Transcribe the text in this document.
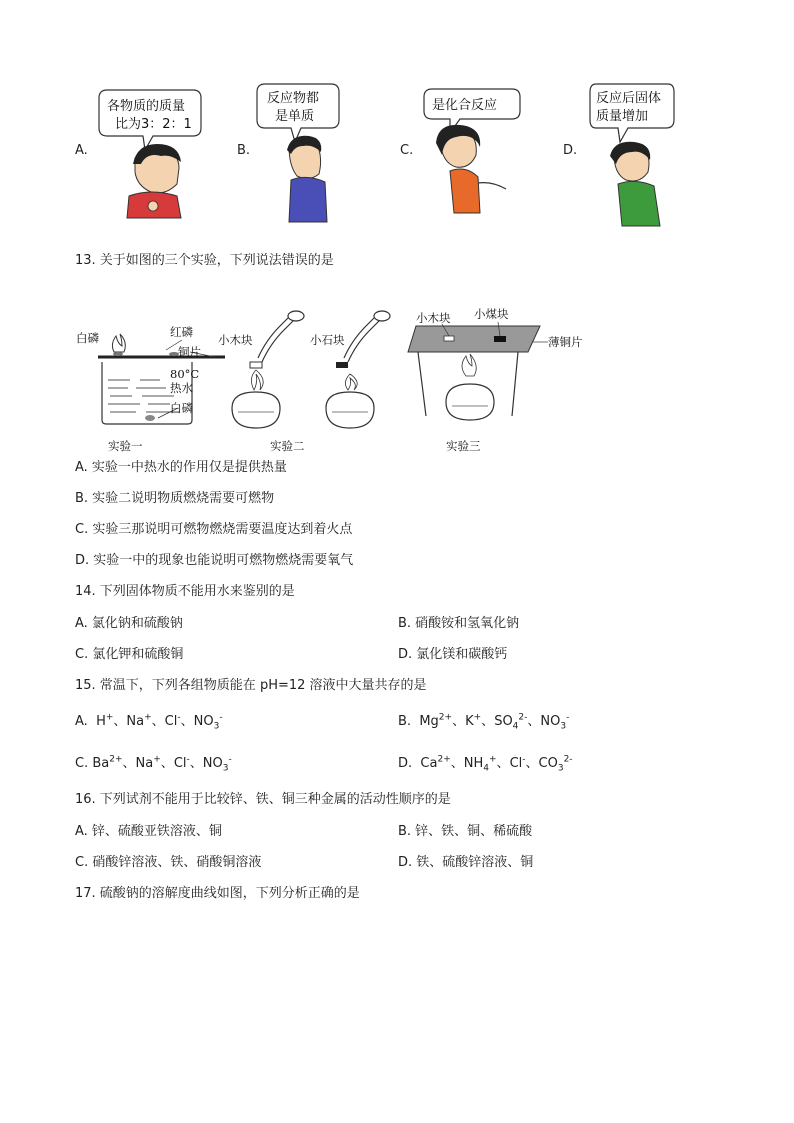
A.
各物质的质量
比为3：2：1
B.
反应物都
是单质
C.
是化合反应
D.
反应后固体
质量增加
13. 关于如图的三个实验，下列说法错误的是
白磷	红磷
铜片
80°C
热水
白磷
实验一
小木块	小石块
实验二
小木块 小煤块
薄铜片
实验三
A. 实验一中热水的作用仅是提供热量
B. 实验二说明物质燃烧需要可燃物
C. 实验三那说明可燃物燃烧需要温度达到着火点
D. 实验一中的现象也能说明可燃物燃烧需要氧气
14. 下列固体物质不能用水来鉴别的是
A. 氯化钠和硫酸钠	B. 硝酸铵和氢氧化钠
C. 氯化钾和硫酸铜	D. 氯化镁和碳酸钙
15. 常温下，下列各组物质能在 pH=12 溶液中大量共存的是
A. H+、Na+、Cl-、$NO_3^-$	B. $Mg^{2+}$、K+、$SO_4^{2-}$、$NO_3^-$
C. $Ba^{2+}$、Na+、Cl-、$NO_3^-$	D. $Ca^{2+}$、$NH_4^+$、Cl-、$CO_3^{2-}$
16. 下列试剂不能用于比较锌、铁、铜三种金属的活动性顺序的是
A. 锌、硫酸亚铁溶液、铜	B. 锌、铁、铜、稀硫酸
C. 硝酸锌溶液、铁、硝酸铜溶液	D. 铁、硫酸锌溶液、铜
17. 硫酸钠的溶解度曲线如图，下列分析正确的是
